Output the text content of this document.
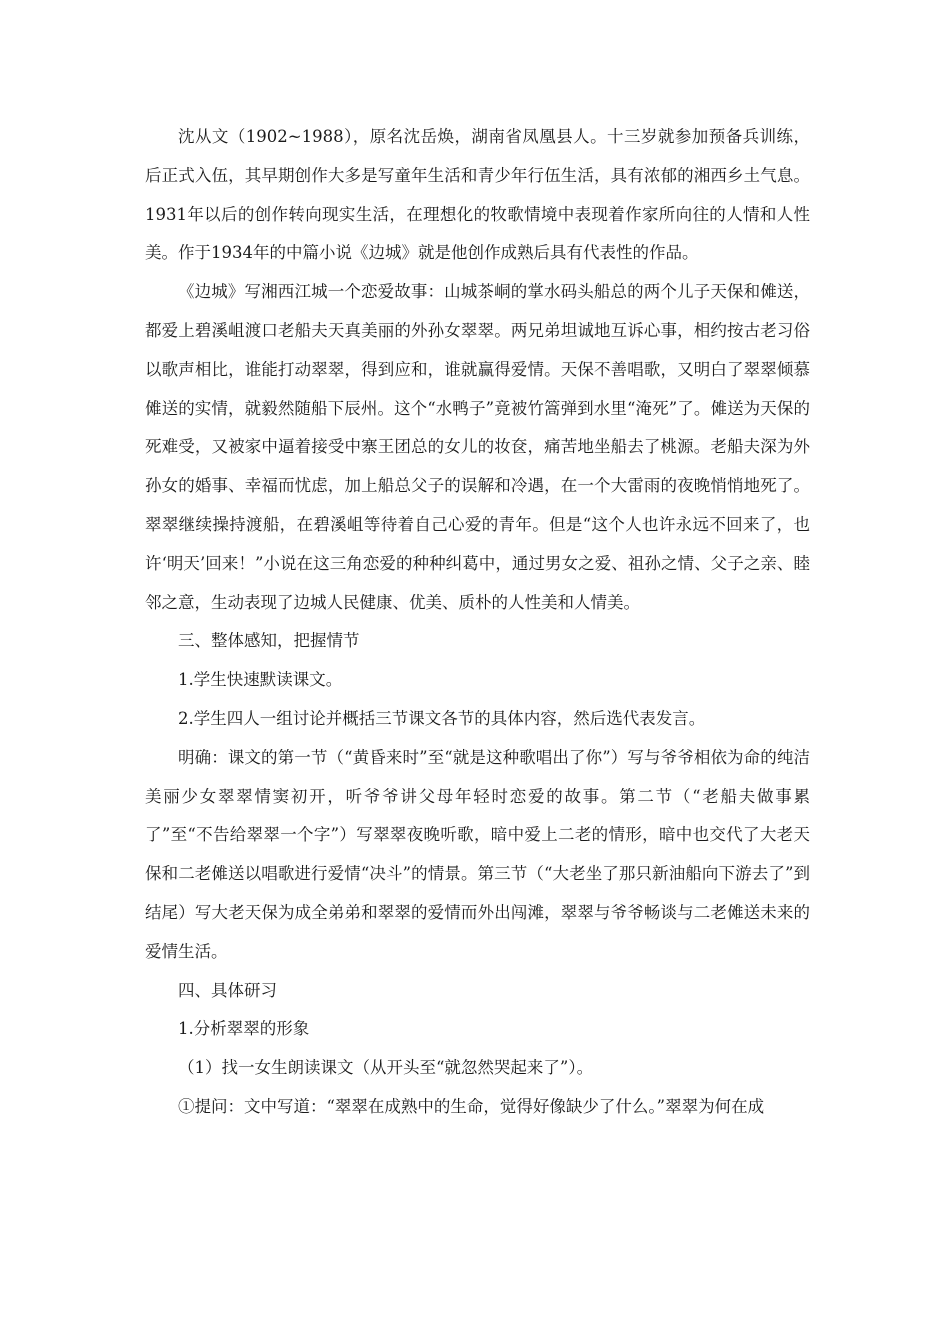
沈从文（1902~1988），原名沈岳焕，湖南省凤凰县人。十三岁就参加预备兵训练，后正式入伍，其早期创作大多是写童年生活和青少年行伍生活，具有浓郁的湘西乡土气息。1931年以后的创作转向现实生活，在理想化的牧歌情境中表现着作家所向往的人情和人性美。作于1934年的中篇小说《边城》就是他创作成熟后具有代表性的作品。

《边城》写湘西江城一个恋爱故事：山城茶峒的掌水码头船总的两个儿子天保和傩送，都爱上碧溪岨渡口老船夫天真美丽的外孙女翠翠。两兄弟坦诚地互诉心事，相约按古老习俗以歌声相比，谁能打动翠翠，得到应和，谁就赢得爱情。天保不善唱歌，又明白了翠翠倾慕傩送的实情，就毅然随船下辰州。这个“水鸭子”竟被竹篙弹到水里“淹死”了。傩送为天保的死难受，又被家中逼着接受中寨王团总的女儿的妆奁，痛苦地坐船去了桃源。老船夫深为外孙女的婚事、幸福而忧虑，加上船总父子的误解和冷遇，在一个大雷雨的夜晚悄悄地死了。翠翠继续操持渡船，在碧溪岨等待着自己心爱的青年。但是“这个人也许永远不回来了，也许‘明天’回来！”小说在这三角恋爱的种种纠葛中，通过男女之爱、祖孙之情、父子之亲、睦邻之意，生动表现了边城人民健康、优美、质朴的人性美和人情美。

三、整体感知，把握情节

1.学生快速默读课文。

2.学生四人一组讨论并概括三节课文各节的具体内容，然后选代表发言。

明确：课文的第一节（“黄昏来时”至“就是这种歌唱出了你”）写与爷爷相依为命的纯洁美丽少女翠翠情窦初开，听爷爷讲父母年轻时恋爱的故事。第二节（“老船夫做事累了”至“不告给翠翠一个字”）写翠翠夜晚听歌，暗中爱上二老的情形，暗中也交代了大老天保和二老傩送以唱歌进行爱情“决斗”的情景。第三节（“大老坐了那只新油船向下游去了”到结尾）写大老天保为成全弟弟和翠翠的爱情而外出闯滩，翠翠与爷爷畅谈与二老傩送未来的爱情生活。

四、具体研习

1.分析翠翠的形象

（1）找一女生朗读课文（从开头至“就忽然哭起来了”）。

①提问：文中写道：“翠翠在成熟中的生命，觉得好像缺少了什么。”翠翠为何在成
